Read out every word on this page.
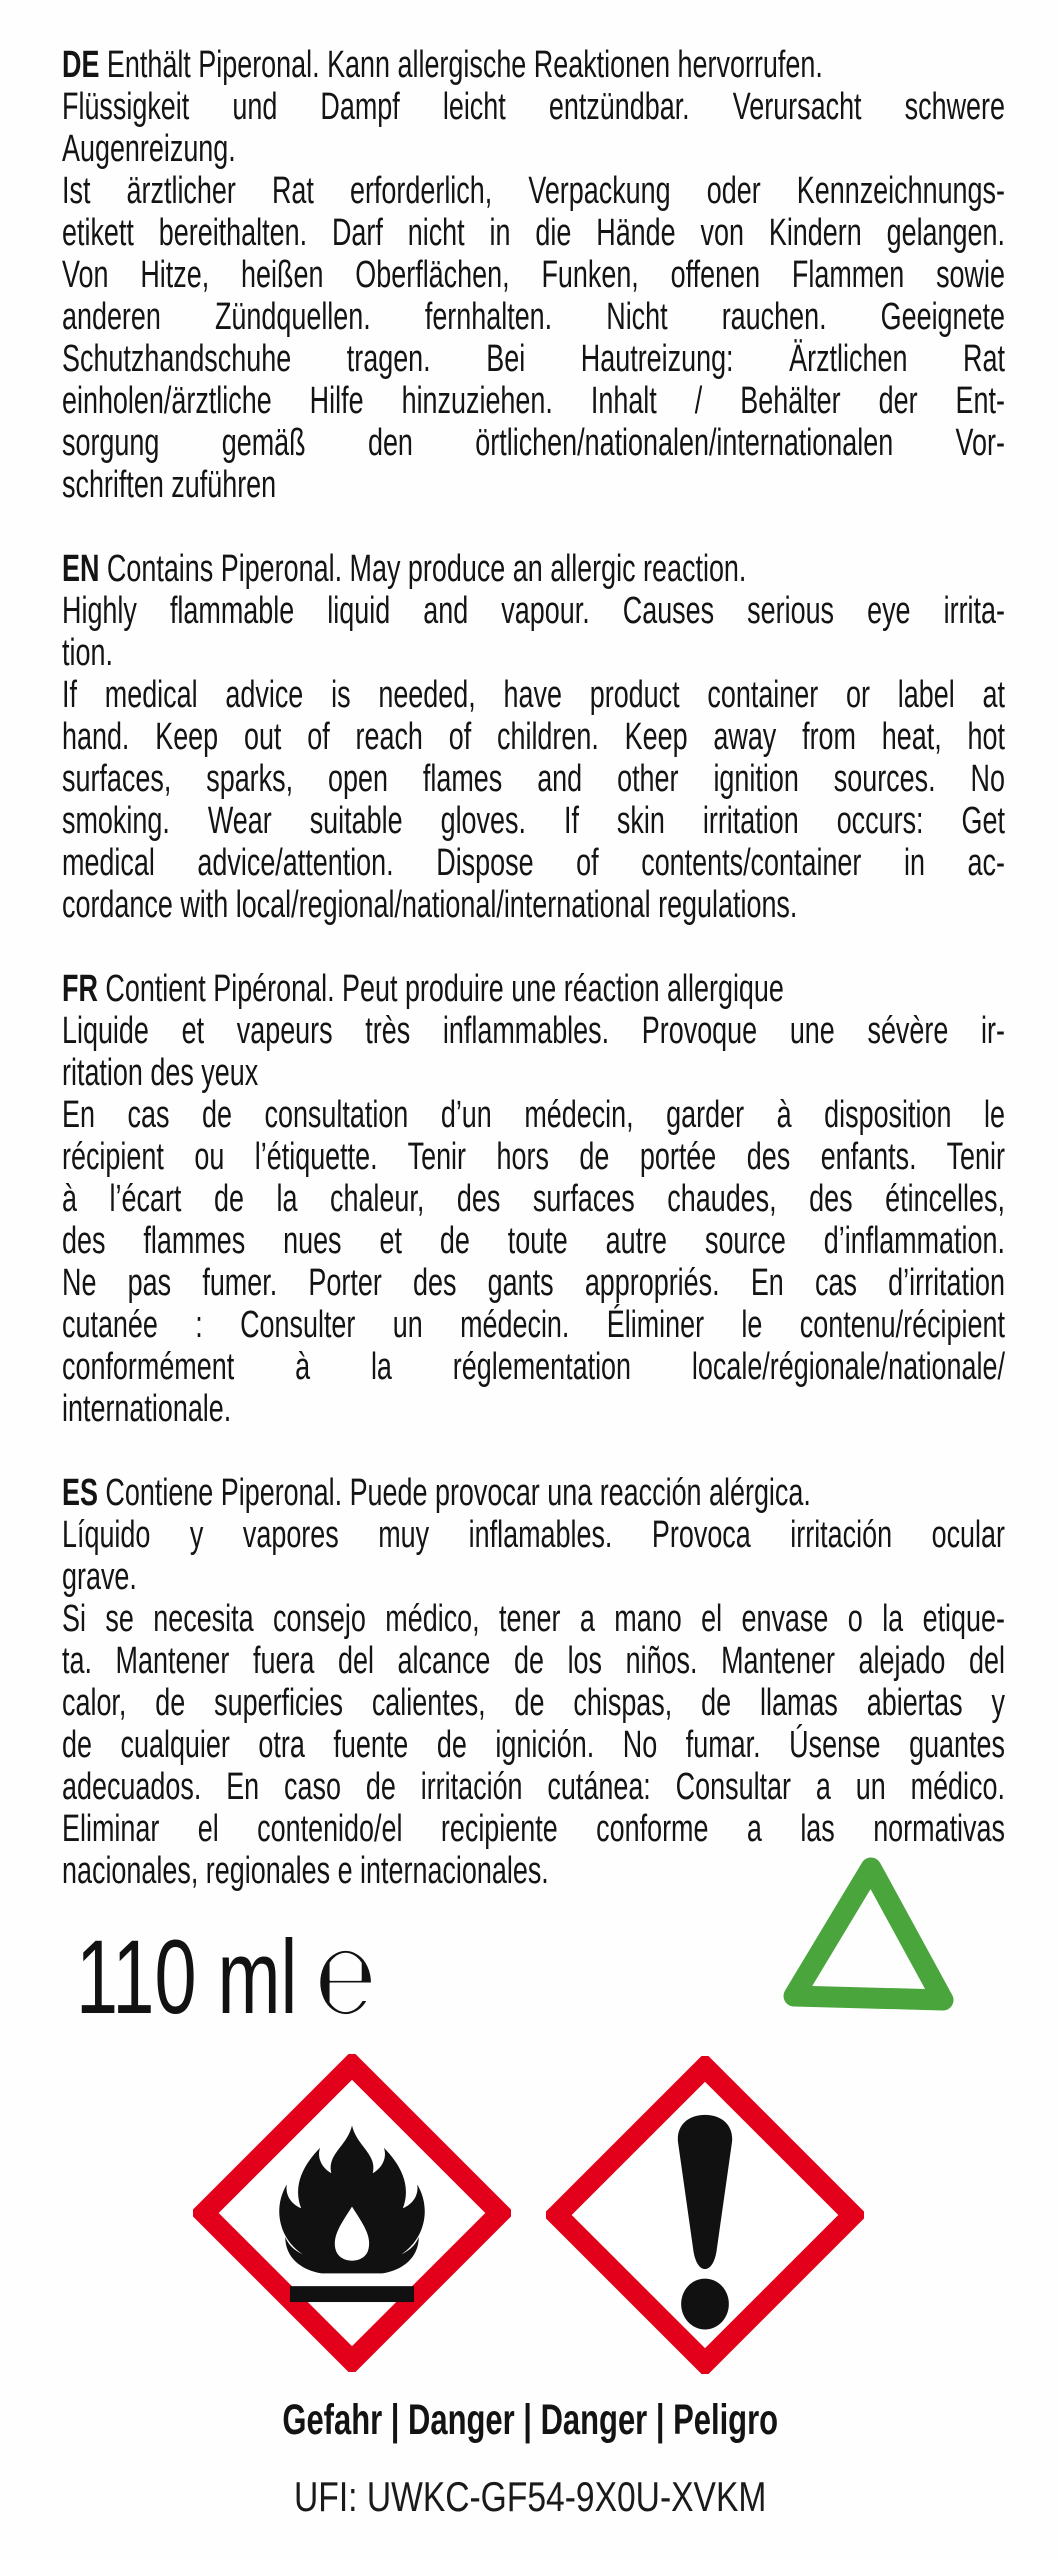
DE Enthält Piperonal. Kann allergische Reaktionen hervorrufen.
Flüssigkeit und Dampf leicht entzündbar. Verursacht schwere
Augenreizung.
Ist ärztlicher Rat erforderlich, Verpackung oder Kennzeichnungs-
etikett bereithalten. Darf nicht in die Hände von Kindern gelangen.
Von Hitze, heißen Oberflächen, Funken, offenen Flammen sowie
anderen Zündquellen. fernhalten. Nicht rauchen. Geeignete
Schutzhandschuhe tragen. Bei Hautreizung: Ärztlichen Rat
einholen/ärztliche Hilfe hinzuziehen. Inhalt / Behälter der Ent-
sorgung gemäß den örtlichen/nationalen/internationalen Vor-
schriften zuführen
EN Contains Piperonal. May produce an allergic reaction.
Highly flammable liquid and vapour. Causes serious eye irrita-
tion.
If medical advice is needed, have product container or label at
hand. Keep out of reach of children. Keep away from heat, hot
surfaces, sparks, open flames and other ignition sources. No
smoking. Wear suitable gloves. If skin irritation occurs: Get
medical advice/attention. Dispose of contents/container in ac-
cordance with local/regional/national/international regulations.
FR Contient Pipéronal. Peut produire une réaction allergique
Liquide et vapeurs très inflammables. Provoque une sévère ir-
ritation des yeux
En cas de consultation d’un médecin, garder à disposition le
récipient ou l’étiquette. Tenir hors de portée des enfants. Tenir
à l’écart de la chaleur, des surfaces chaudes, des étincelles,
des flammes nues et de toute autre source d’inflammation.
Ne pas fumer. Porter des gants appropriés. En cas d’irritation
cutanée : Consulter un médecin. Éliminer le contenu/récipient
conformément à la réglementation locale/régionale/nationale/
internationale.
ES Contiene Piperonal. Puede provocar una reacción alérgica.
Líquido y vapores muy inflamables. Provoca irritación ocular
grave.
Si se necesita consejo médico, tener a mano el envase o la etique-
ta. Mantener fuera del alcance de los niños. Mantener alejado del
calor, de superficies calientes, de chispas, de llamas abiertas y
de cualquier otra fuente de ignición. No fumar. Úsense guantes
adecuados. En caso de irritación cutánea: Consultar a un médico.
Eliminar el contenido/el recipiente conforme a las normativas
nacionales, regionales e internacionales.
110 ml ℮
Gefahr | Danger | Danger | Peligro
UFI: UWKC-GF54-9X0U-XVKM
